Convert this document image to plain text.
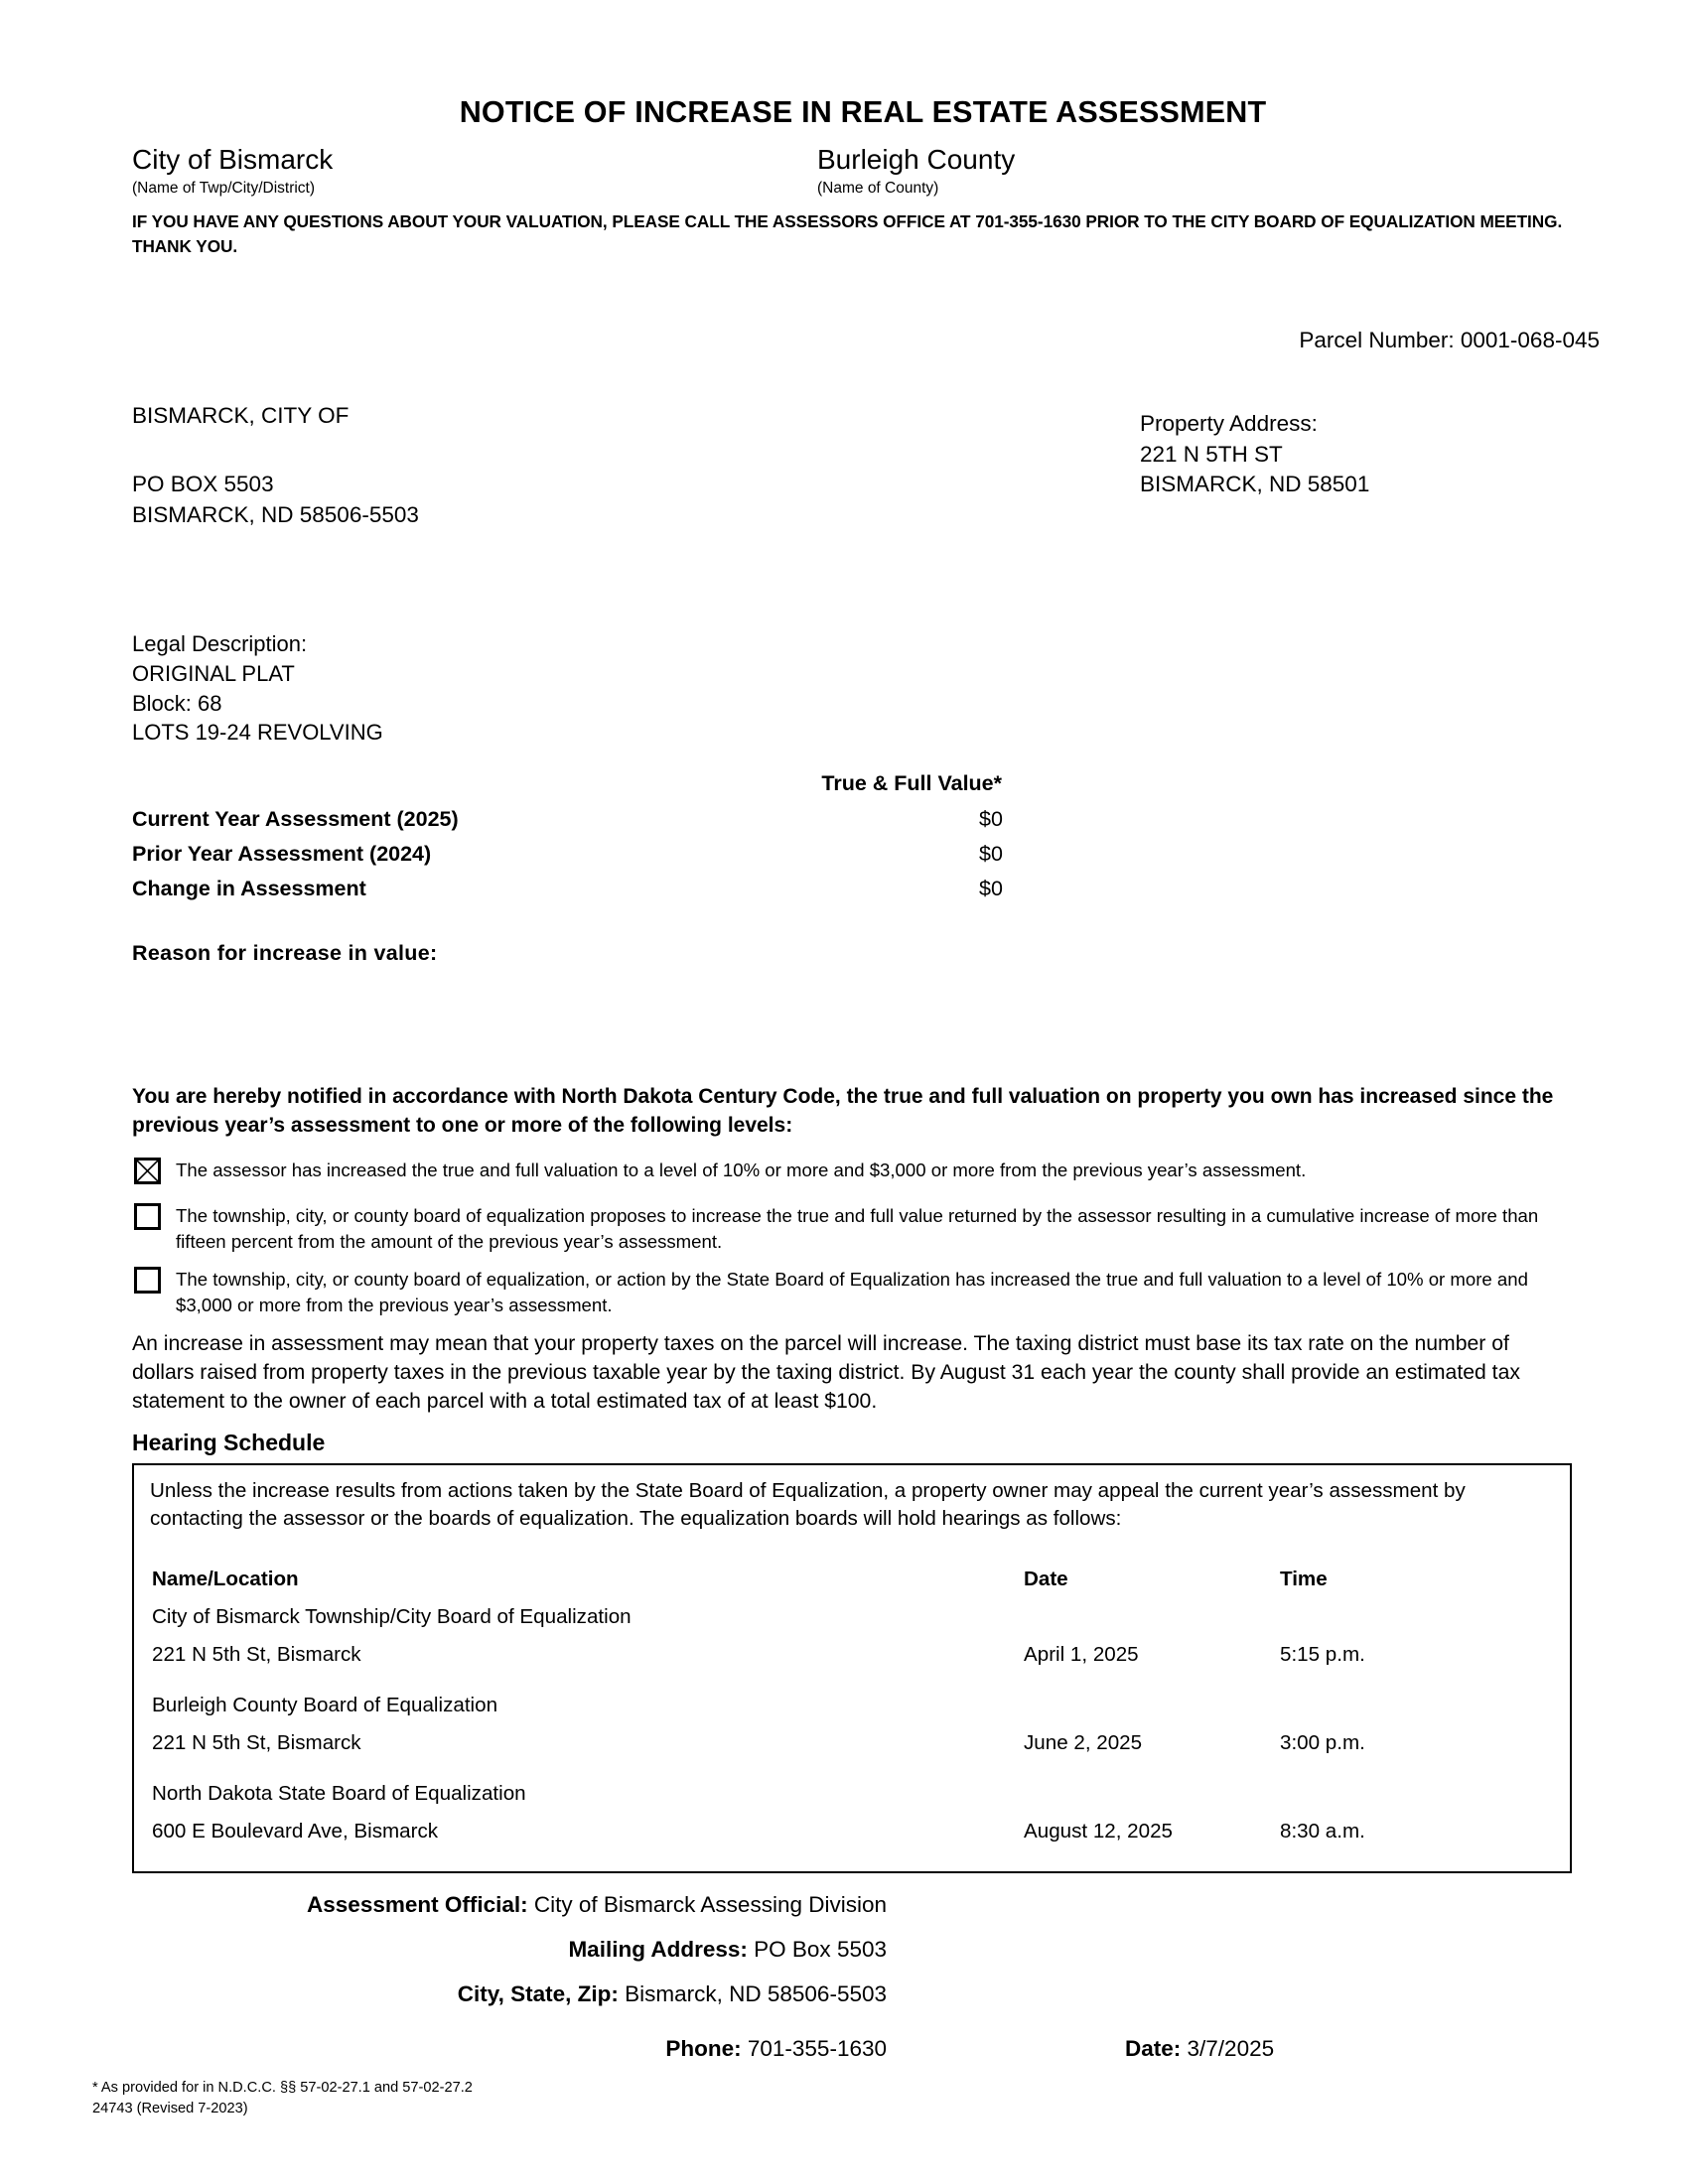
NOTICE OF INCREASE IN REAL ESTATE ASSESSMENT
City of Bismarck	Burleigh County
(Name of Twp/City/District)	(Name of County)
IF YOU HAVE ANY QUESTIONS ABOUT YOUR VALUATION, PLEASE CALL THE ASSESSORS OFFICE AT 701-355-1630 PRIOR TO THE CITY BOARD OF EQUALIZATION MEETING. THANK YOU.
Parcel Number: 0001-068-045
BISMARCK, CITY OF
PO BOX 5503
BISMARCK, ND 58506-5503
Property Address:
221 N 5TH ST
BISMARCK, ND 58501
Legal Description:
ORIGINAL PLAT
Block: 68
LOTS 19-24 REVOLVING
True & Full Value*
Current Year Assessment (2025)	$0
Prior Year Assessment (2024)	$0
Change in Assessment	$0
Reason for increase in value:
You are hereby notified in accordance with North Dakota Century Code, the true and full valuation on property you own has increased since the previous year’s assessment to one or more of the following levels:
The assessor has increased the true and full valuation to a level of 10% or more and $3,000 or more from the previous year’s assessment.
The township, city, or county board of equalization proposes to increase the true and full value returned by the assessor resulting in a cumulative increase of more than fifteen percent from the amount of the previous year’s assessment.
The township, city, or county board of equalization, or action by the State Board of Equalization has increased the true and full valuation to a level of 10% or more and $3,000 or more from the previous year’s assessment.
An increase in assessment may mean that your property taxes on the parcel will increase. The taxing district must base its tax rate on the number of dollars raised from property taxes in the previous taxable year by the taxing district. By August 31 each year the county shall provide an estimated tax statement to the owner of each parcel with a total estimated tax of at least $100.
Hearing Schedule
Unless the increase results from actions taken by the State Board of Equalization, a property owner may appeal the current year’s assessment by contacting the assessor or the boards of equalization. The equalization boards will hold hearings as follows:
Name/Location	Date	Time
City of Bismarck Township/City Board of Equalization
221 N 5th St, Bismarck	April 1, 2025	5:15 p.m.
Burleigh County Board of Equalization
221 N 5th St, Bismarck	June 2, 2025	3:00 p.m.
North Dakota State Board of Equalization
600 E Boulevard Ave, Bismarck	August 12, 2025	8:30 a.m.
Assessment Official: City of Bismarck Assessing Division
Mailing Address: PO Box 5503
City, State, Zip: Bismarck, ND 58506-5503
Phone: 701-355-1630	Date: 3/7/2025
* As provided for in N.D.C.C. §§ 57-02-27.1 and 57-02-27.2
24743 (Revised 7-2023)
